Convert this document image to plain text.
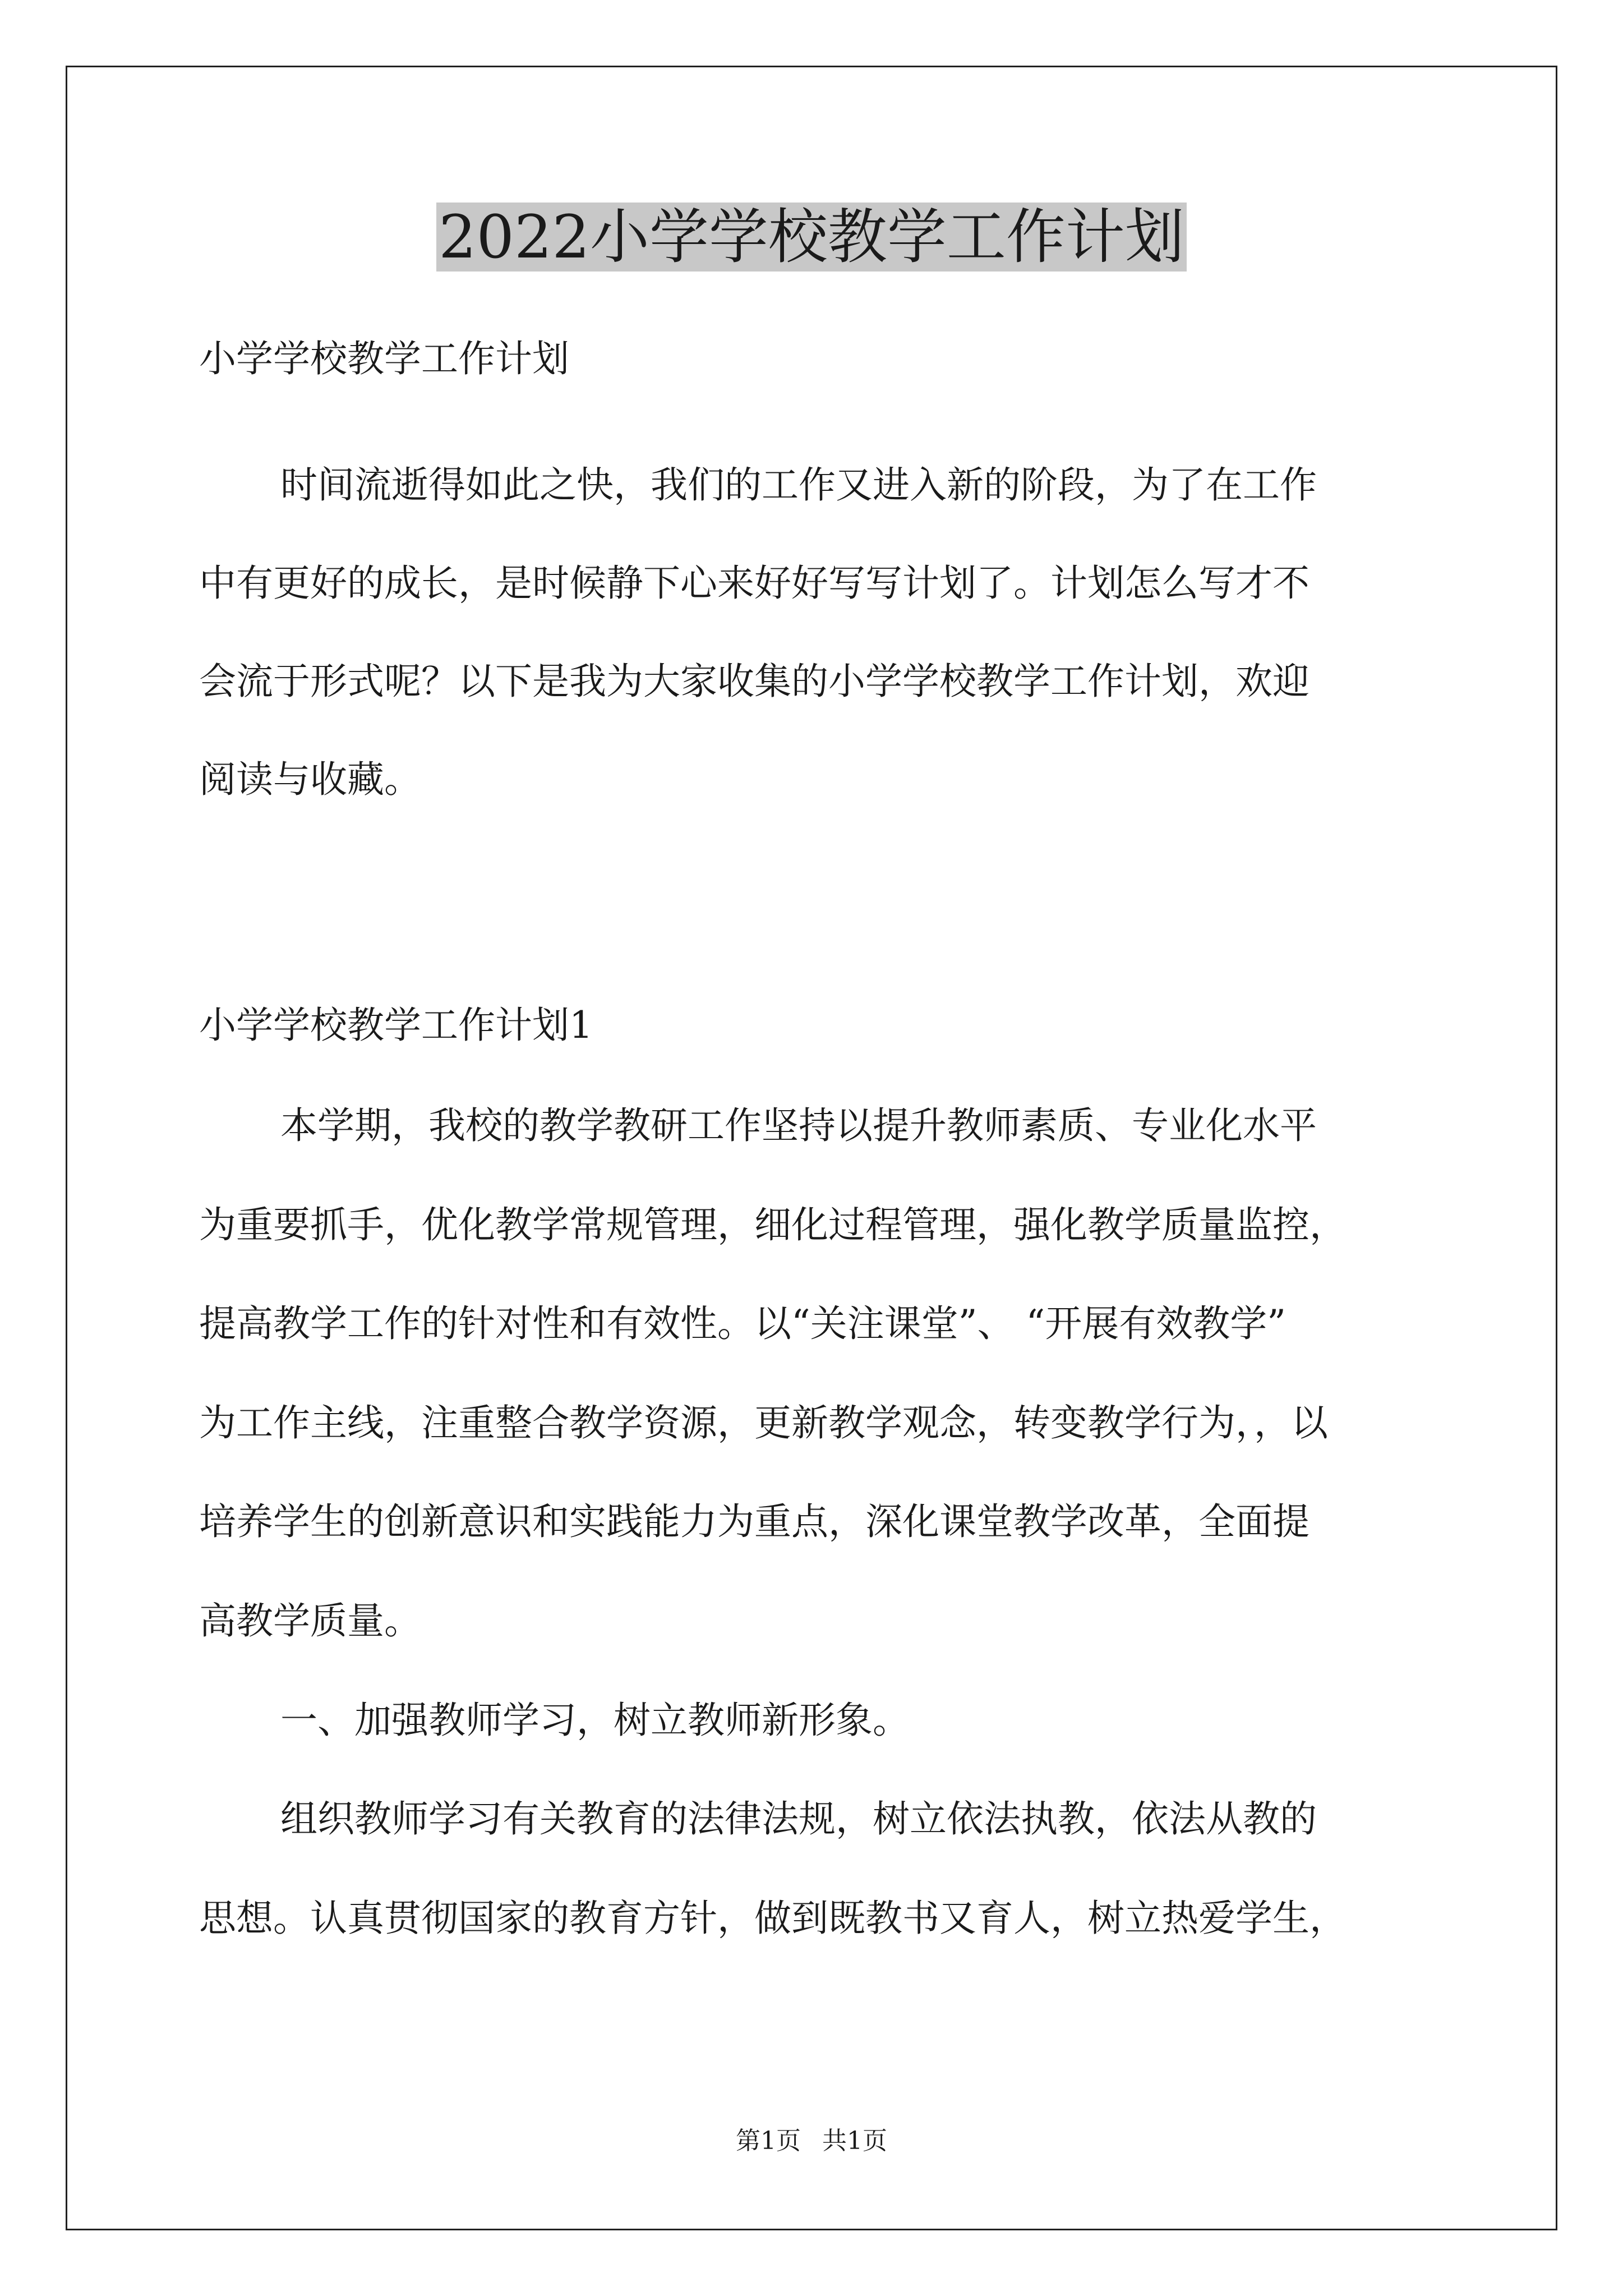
2022小学学校教学工作计划

小学学校教学工作计划

时间流逝得如此之快，我们的工作又进入新的阶段，为了在工作

中有更好的成长，是时候静下心来好好写写计划了。计划怎么写才不

会流于形式呢？以下是我为大家收集的小学学校教学工作计划，欢迎

阅读与收藏。

小学学校教学工作计划1

本学期，我校的教学教研工作坚持以提升教师素质、专业化水平

为重要抓手，优化教学常规管理，细化过程管理，强化教学质量监控，

提高教学工作的针对性和有效性。以“关注课堂”、 “开展有效教学”

为工作主线，注重整合教学资源，更新教学观念，转变教学行为，，以

培养学生的创新意识和实践能力为重点，深化课堂教学改革，全面提

高教学质量。

一、加强教师学习，树立教师新形象。

组织教师学习有关教育的法律法规，树立依法执教，依法从教的

思想。认真贯彻国家的教育方针，做到既教书又育人，树立热爱学生，

第1页 共1页
